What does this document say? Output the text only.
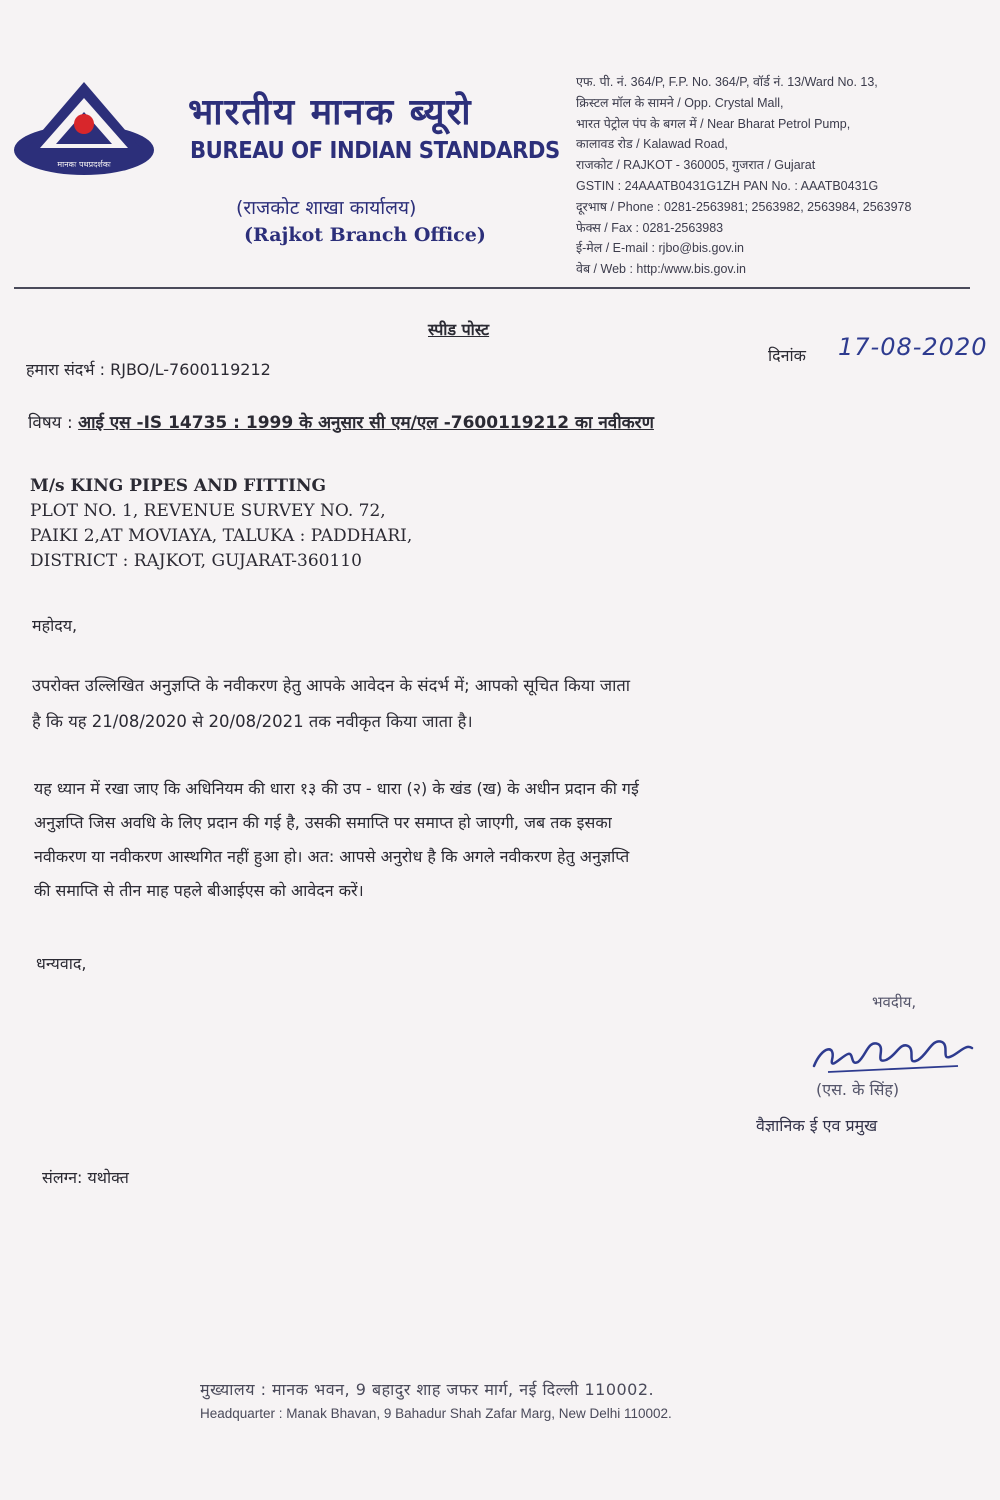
मानकः पथप्रदर्शकः
भारतीय मानक ब्यूरो
BUREAU OF INDIAN STANDARDS
(राजकोट शाखा कार्यालय)
(Rajkot Branch Office)
एफ. पी. नं. 364/P, F.P. No. 364/P, वॉर्ड नं. 13/Ward No. 13,
क्रिस्टल मॉल के सामने / Opp. Crystal Mall,
भारत पेट्रोल पंप के बगल में / Near Bharat Petrol Pump,
कालावड रोड / Kalawad Road,
राजकोट / RAJKOT - 360005, गुजरात / Gujarat
GSTIN : 24AAATB0431G1ZH PAN No. : AAATB0431G
दूरभाष / Phone : 0281-2563981; 2563982, 2563984, 2563978
फेक्स / Fax : 0281-2563983
ई-मेल / E-mail : rjbo@bis.gov.in
वेब / Web : http:/www.bis.gov.in
स्पीड पोस्ट
हमारा संदर्भ : RJBO/L-7600119212
दिनांक 17-08-2020
विषय : आई एस -IS 14735 : 1999 के अनुसार सी एम/एल -7600119212 का नवीकरण
M/s KING PIPES AND FITTING
PLOT NO. 1, REVENUE SURVEY NO. 72,
PAIKI 2,AT MOVIAYA, TALUKA : PADDHARI,
DISTRICT : RAJKOT, GUJARAT-360110
महोदय,
उपरोक्त उल्लिखित अनुज्ञप्ति के नवीकरण हेतु आपके आवेदन के संदर्भ में; आपको सूचित किया जाता
है कि यह 21/08/2020 से 20/08/2021 तक नवीकृत किया जाता है।
यह ध्यान में रखा जाए कि अधिनियम की धारा १३ की उप - धारा (२) के खंड (ख) के अधीन प्रदान की गई
अनुज्ञप्ति जिस अवधि के लिए प्रदान की गई है, उसकी समाप्ति पर समाप्त हो जाएगी, जब तक इसका
नवीकरण या नवीकरण आस्थगित नहीं हुआ हो। अत: आपसे अनुरोध है कि अगले नवीकरण हेतु अनुज्ञप्ति
की समाप्ति से तीन माह पहले बीआईएस को आवेदन करें।
धन्यवाद,
भवदीय,
(एस. के सिंह)
वैज्ञानिक ई एव प्रमुख
संलग्न: यथोक्त
मुख्यालय : मानक भवन, 9 बहादुर शाह जफर मार्ग, नई दिल्ली 110002.
Headquarter : Manak Bhavan, 9 Bahadur Shah Zafar Marg, New Delhi 110002.
